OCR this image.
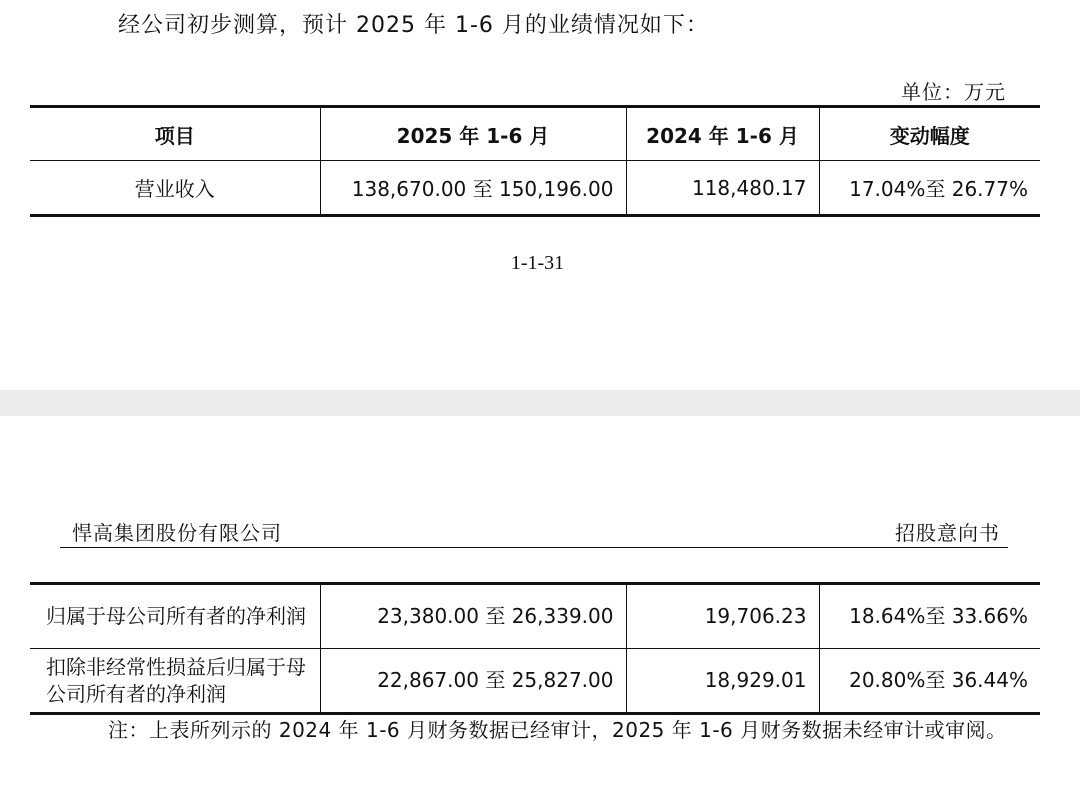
经公司初步测算，预计 2025 年 1-6 月的业绩情况如下：
单位：万元
项目	2025 年 1-6 月	2024 年 1-6 月	变动幅度
营业收入	138,670.00 至 150,196.00	118,480.17	17.04%至 26.77%
1-1-31
悍高集团股份有限公司	招股意向书
归属于母公司所有者的净利润	23,380.00 至 26,339.00	19,706.23	18.64%至 33.66%
扣除非经常性损益后归属于母公司所有者的净利润	22,867.00 至 25,827.00	18,929.01	20.80%至 36.44%
注：上表所列示的 2024 年 1-6 月财务数据已经审计，2025 年 1-6 月财务数据未经审计或审阅。
